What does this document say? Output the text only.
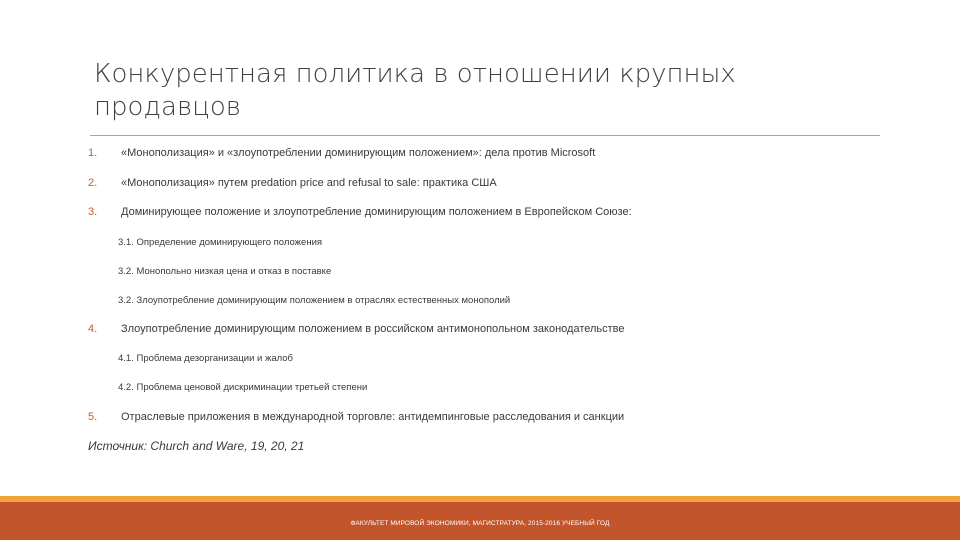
Конкурентная политика в отношении крупных
продавцов
1. «Монополизация» и «злоупотреблении доминирующим положением»: дела против Microsoft
2. «Монополизация» путем predation price and refusal to sale: практика США
3. Доминирующее положение и злоупотребление доминирующим положением в Европейском Союзе:
3.1. Определение доминирующего положения
3.2. Монопольно низкая цена и отказ в поставке
3.2. Злоупотребление доминирующим положением в отраслях естественных монополий
4. Злоупотребление доминирующим положением в российском антимонопольном законодательстве
4.1. Проблема дезорганизации и жалоб
4.2. Проблема ценовой дискриминации третьей степени
5. Отраслевые приложения в международной торговле: антидемпинговые расследования и санкции
Источник: Church and Ware, 19, 20, 21
ФАКУЛЬТЕТ МИРОВОЙ ЭКОНОМИКИ, МАГИСТРАТУРА, 2015-2016 УЧЕБНЫЙ ГОД
